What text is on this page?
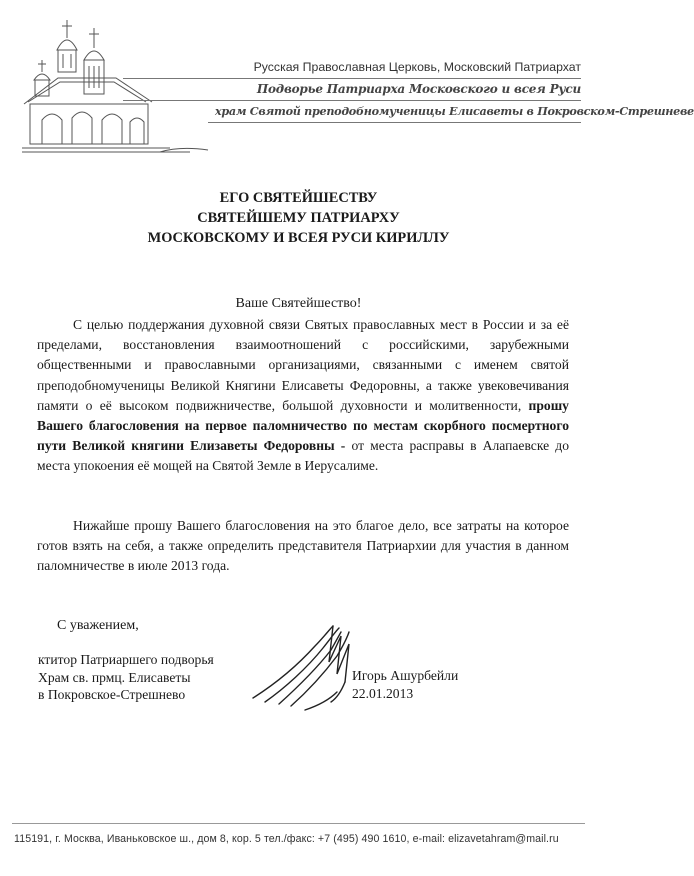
Русская Православная Церковь, Московский Патриархат
Подворье Патриарха Московского и всея Руси
храм Святой преподобномученицы Елисаветы в Покровском-Стрешневе
ЕГО СВЯТЕЙШЕСТВУ
СВЯТЕЙШЕМУ ПАТРИАРХУ
МОСКОВСКОМУ И ВСЕЯ РУСИ КИРИЛЛУ
Ваше Святейшество!

С целью поддержания духовной связи Святых православных мест в России и за её пределами, восстановления взаимоотношений с российскими, зарубежными общественными и православными организациями, связанными с именем святой преподобномученицы Великой Княгини Елисаветы Федоровны, а также увековечивания памяти о её высоком подвижничестве, большой духовности и молитвенности, прошу Вашего благословения на первое паломничество по местам скорбного посмертного пути Великой княгини Елизаветы Федоровны - от места расправы в Алапаевске до места упокоения её мощей на Святой Земле в Иерусалиме.

Нижайше прошу Вашего благословения на это благое дело, все затраты на которое готов взять на себя, а также определить представителя Патриархии для участия в данном паломничестве в июле 2013 года.

С уважением,
ктитор Патриаршего подворья
Храм св. прмц. Елисаветы
в Покровское-Стрешнево
Игорь Ашурбейли
22.01.2013
115191, г. Москва, Иваньковское ш., дом 8, кор. 5 тел./факс: +7 (495) 490 1610, e-mail: elizavetahram@mail.ru
